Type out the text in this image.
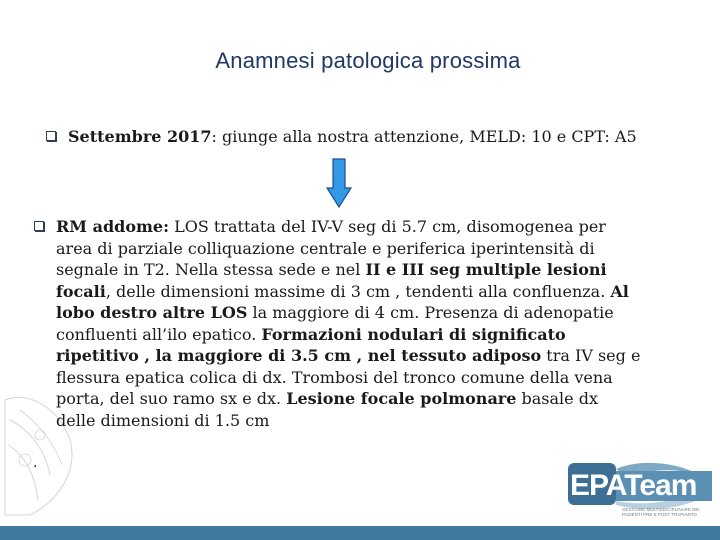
Anamnesi patologica prossima
Settembre 2017: giunge alla nostra attenzione, MELD: 10 e CPT: A5
RM addome: LOS trattata del IV-V seg di 5.7 cm, disomogenea per
area di parziale colliquazione centrale e periferica iperintensità di
segnale in T2. Nella stessa sede e nel II e III seg multiple lesioni
focali, delle dimensioni massime di 3 cm , tendenti alla confluenza. Al
lobo destro altre LOS la maggiore di 4 cm. Presenza di adenopatie
confluenti all’ilo epatico. Formazioni nodulari di significato
ripetitivo , la maggiore di 3.5 cm , nel tessuto adiposo tra IV seg e
flessura epatica colica di dx. Trombosi del tronco comune della vena
porta, del suo ramo sx e dx. Lesione focale polmonare basale dx
delle dimensioni di 1.5 cm
.
EPATeam
GESTIONE MULTIDISCIPLINARE DEI PAZIENTI PRE E POST TRAPIANTO
